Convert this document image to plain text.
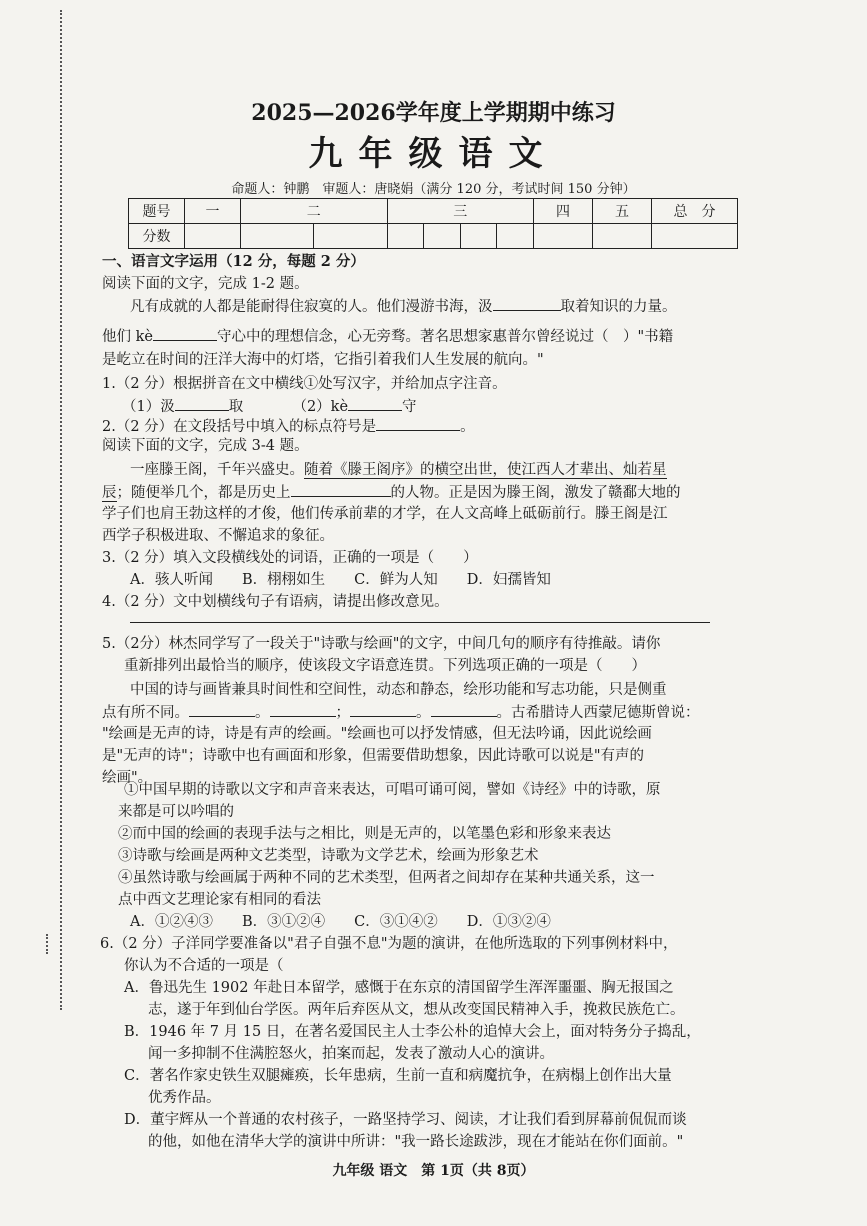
2025—2026学年度上学期期中练习
九年级语文
命题人：钟鹏　审题人：唐晓娟（满分 120 分，考试时间 150 分钟）
题号	一	二		三				四	五	总　分
分数										
一、语言文字运用（12 分，每题 2 分）
阅读下面的文字，完成 1-2 题。
凡有成就的人都是能耐得住寂寞的人。他们漫游书海，汲	取着知识的力量。
他们 kè	守心中的理想信念，心无旁骛。著名思想家惠普尔曾经说过（　）"书籍
是屹立在时间的汪洋大海中的灯塔，它指引着我们人生发展的航向。"
1.（2 分）根据拼音在文中横线①处写汉字，并给加点字注音。
（1）汲	取	（2）kè	守
2.（2 分）在文段括号中填入的标点符号是	。
阅读下面的文字，完成 3-4 题。
一座滕王阁，千年兴盛史。随着《滕王阁序》的横空出世，使江西人才辈出、灿若星
辰；随便举几个，都是历史上	的人物。正是因为滕王阁，激发了赣鄱大地的
学子们也肩王勃这样的才俊，他们传承前辈的才学，在人文高峰上砥砺前行。滕王阁是江
西学子积极进取、不懈追求的象征。
3.（2 分）填入文段横线处的词语，正确的一项是（　　）
A．骇人听闻　　B．栩栩如生　　C．鲜为人知　　D．妇孺皆知
4.（2 分）文中划横线句子有语病，请提出修改意见。
5.（2分）林杰同学写了一段关于"诗歌与绘画"的文字，中间几句的顺序有待推敲。请你
重新排列出最恰当的顺序，使该段文字语意连贯。下列选项正确的一项是（　　）
中国的诗与画皆兼具时间性和空间性，动态和静态，绘形功能和写志功能，只是侧重
点有所不同。	。	；	。	。古希腊诗人西蒙尼德斯曾说：
"绘画是无声的诗，诗是有声的绘画。"绘画也可以抒发情感，但无法吟诵，因此说绘画
是"无声的诗"；诗歌中也有画面和形象，但需要借助想象，因此诗歌可以说是"有声的
绘画"。
①中国早期的诗歌以文字和声音来表达，可唱可诵可阅，譬如《诗经》中的诗歌，原
来都是可以吟唱的
②而中国的绘画的表现手法与之相比，则是无声的，以笔墨色彩和形象来表达
③诗歌与绘画是两种文艺类型，诗歌为文学艺术，绘画为形象艺术
④虽然诗歌与绘画属于两种不同的艺术类型，但两者之间却存在某种共通关系，这一
点中西文艺理论家有相同的看法
A．①②④③　　B．③①②④　　C．③①④②　　D．①③②④
6.（2 分）子洋同学要准备以"君子自强不息"为题的演讲，在他所选取的下列事例材料中，
你认为不合适的一项是（
A．鲁迅先生 1902 年赴日本留学，感慨于在东京的清国留学生浑浑噩噩、胸无报国之
志，遂于年到仙台学医。两年后弃医从文，想从改变国民精神入手，挽救民族危亡。
B．1946 年 7 月 15 日，在著名爱国民主人士李公朴的追悼大会上，面对特务分子捣乱，
闻一多抑制不住满腔怒火，拍案而起，发表了激动人心的演讲。
C．著名作家史铁生双腿瘫痪，长年患病，生前一直和病魔抗争，在病榻上创作出大量
优秀作品。
D．董宇辉从一个普通的农村孩子，一路坚持学习、阅读，才让我们看到屏幕前侃侃而谈
的他，如他在清华大学的演讲中所讲："我一路长途跋涉，现在才能站在你们面前。"
九年级 语文　第 1页（共 8页）
